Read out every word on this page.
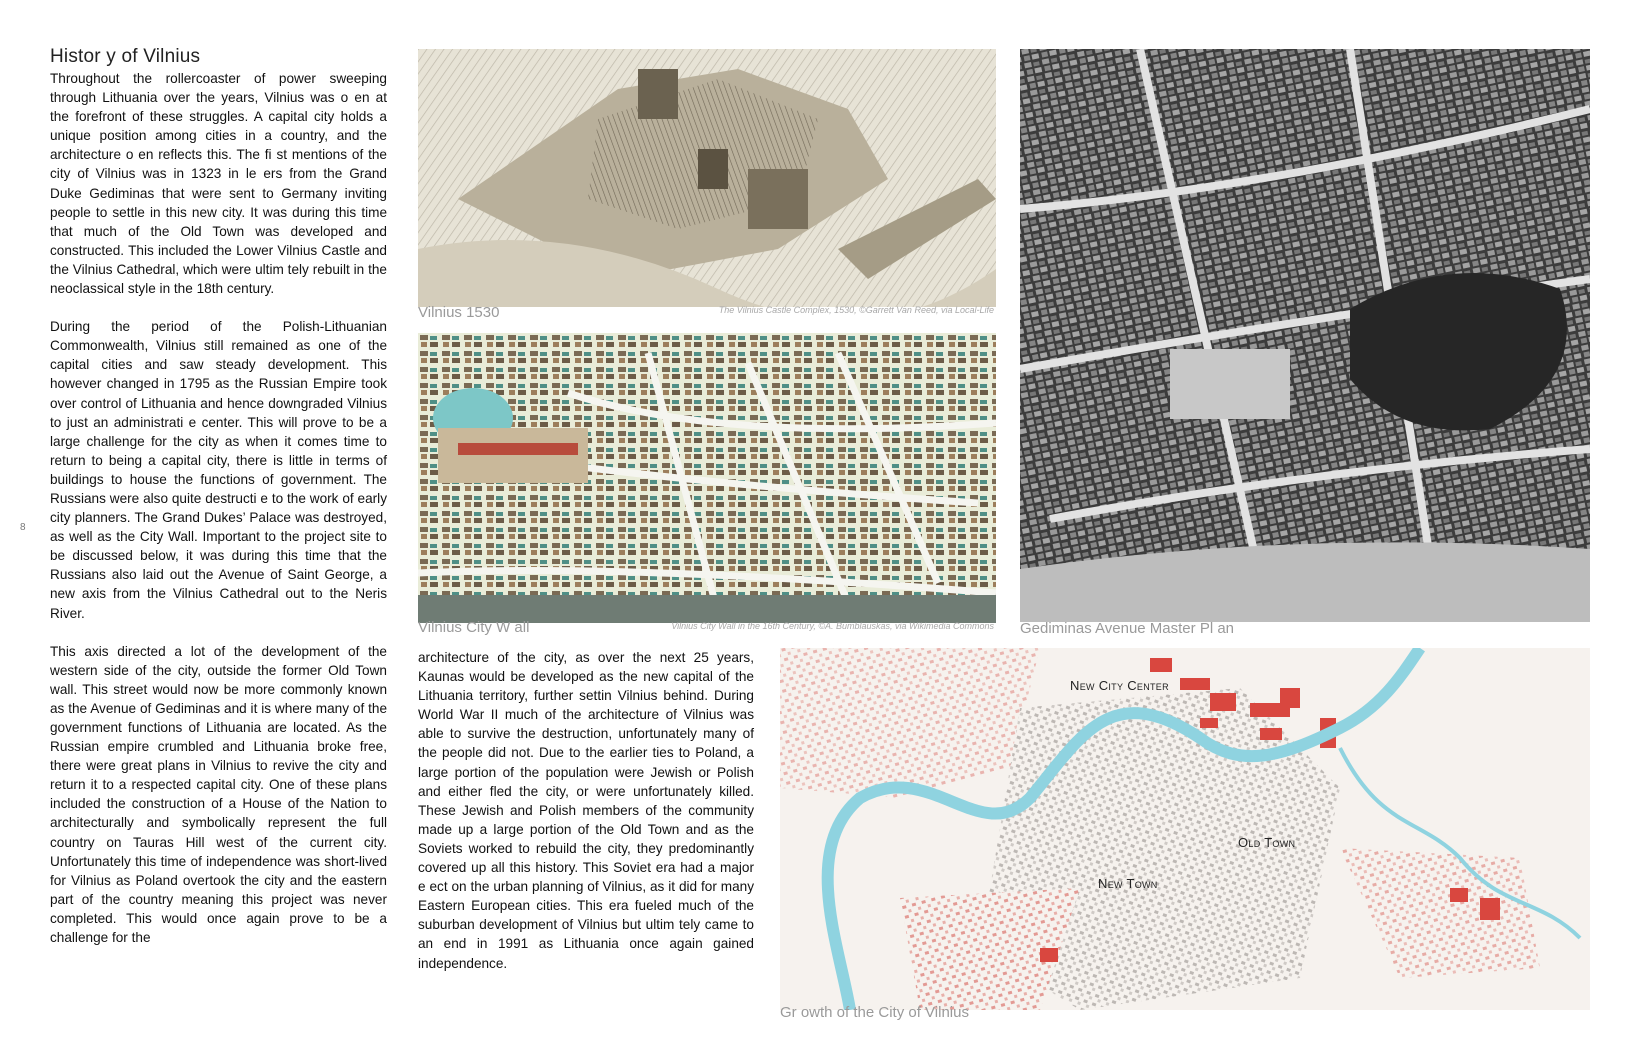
Histor y of Vilnius

Throughout the rollercoaster of power sweeping through Lithuania over the years, Vilnius was o en at the forefront of these struggles. A capital city holds a unique position among cities in a country, and the architecture o en reflects this. The fi st mentions of the city of Vilnius was in 1323 in le ers from the Grand Duke Gediminas that were sent to Germany inviting people to settle in this new city. It was during this time that much of the Old Town was developed and constructed. This included the Lower Vilnius Castle and the Vilnius Cathedral, which were ultim tely rebuilt in the neoclassical style in the 18th century.

During the period of the Polish-Lithuanian Commonwealth, Vilnius still remained as one of the capital cities and saw steady development. This however changed in 1795 as the Russian Empire took over control of Lithuania and hence downgraded Vilnius to just an administrati e center. This will prove to be a large challenge for the city as when it comes time to return to being a capital city, there is little in terms of buildings to house the functions of government. The Russians were also quite destructi e to the work of early city planners. The Grand Dukes’ Palace was destroyed, as well as the City Wall. Important to the project site to be discussed below, it was during this time that the Russians also laid out the Avenue of Saint George, a new axis from the Vilnius Cathedral out to the Neris River.

This axis directed a lot of the development of the western side of the city, outside the former Old Town wall. This street would now be more commonly known as the Avenue of Gediminas and it is where many of the government functions of Lithuania are located. As the Russian empire crumbled and Lithuania broke free, there were great plans in Vilnius to revive the city and return it to a respected capital city. One of these plans included the construction of a House of the Nation to architecturally and symbolically represent the full country on Tauras Hill west of the current city. Unfortunately this time of independence was short-lived for Vilnius as Poland overtook the city and the eastern part of the country meaning this project was never completed. This would once again prove to be a challenge for the

8
Vilnius 1530	The Vilnius Castle Complex, 1530, ©Garrett Van Reed, via Local-Life
Vilnius City W all	Vilnius City Wall in the 16th Century, ©A. Bumblauskas, via Wikimedia Commons Gediminas Avenue Master Pl an

architecture of the city, as over the next 25 years, Kaunas would be developed as the new capital of the Lithuania territory, further settin Vilnius behind. During World War II much of the architecture of Vilnius was able to survive the destruction, unfortunately many of the people did not. Due to the earlier ties to Poland, a large portion of the population were Jewish or Polish and either fled the city, or were unfortunately killed. These Jewish and Polish members of the community made up a large portion of the Old Town and as the Soviets worked to rebuild the city, they predominantly covered up all this history. This Soviet era had a major e ect on the urban planning of Vilnius, as it did for many Eastern European cities. This era fueled much of the suburban development of Vilnius but ultim tely came to an end in 1991 as Lithuania once again gained independence.

New City Center
Old Town
New Town
Gr owth of the City of Vilnius
